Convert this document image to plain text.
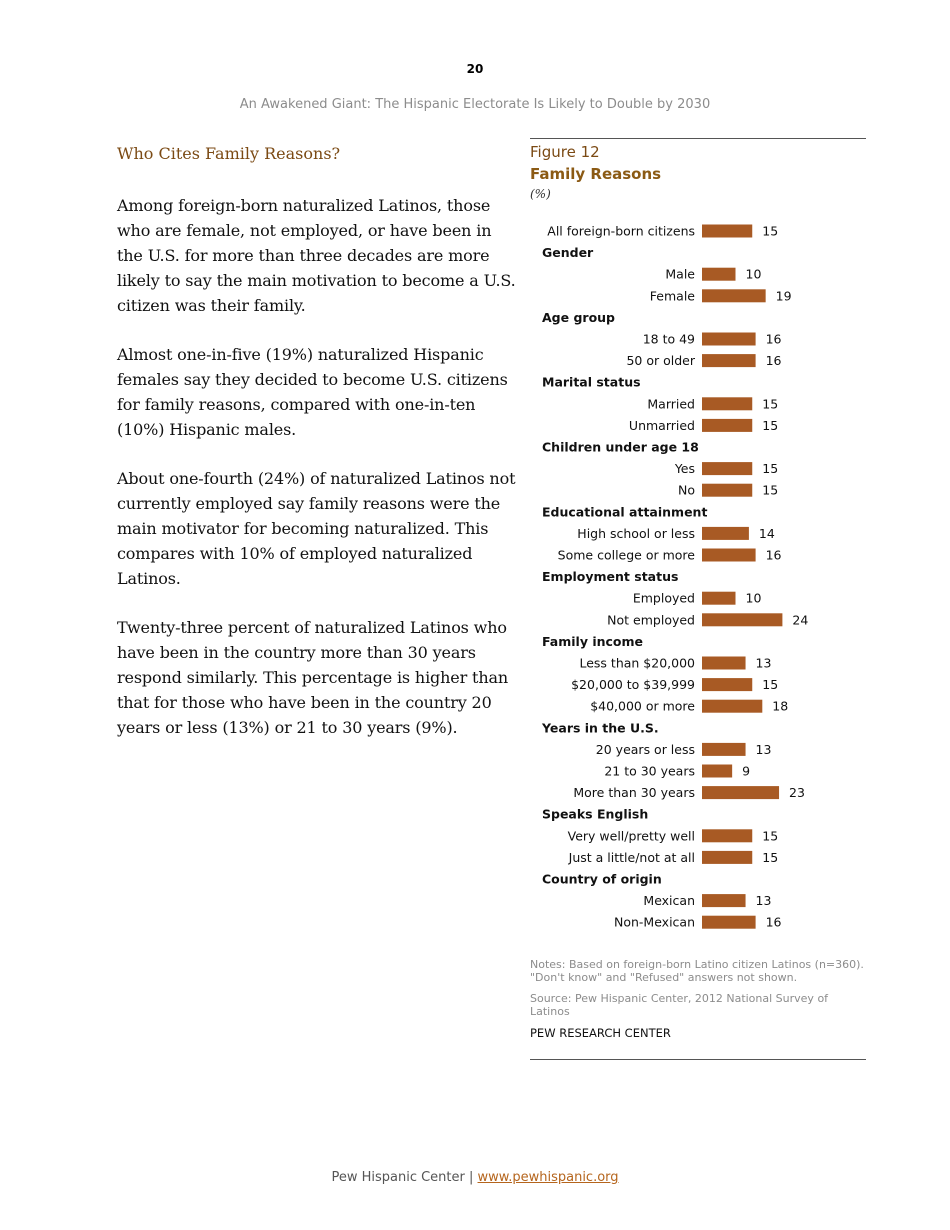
20
An Awakened Giant: The Hispanic Electorate Is Likely to Double by 2030
Who Cites Family Reasons?

Among foreign-born naturalized Latinos, those who are female, not employed, or have been in the U.S. for more than three decades are more likely to say the main motivation to become a U.S. citizen was their family.

Almost one-in-five (19%) naturalized Hispanic females say they decided to become U.S. citizens for family reasons, compared with one-in-ten (10%) Hispanic males.

About one-fourth (24%) of naturalized Latinos not currently employed say family reasons were the main motivator for becoming naturalized. This compares with 10% of employed naturalized Latinos.

Twenty-three percent of naturalized Latinos who have been in the country more than 30 years respond similarly. This percentage is higher than that for those who have been in the country 20 years or less (13%) or 21 to 30 years (9%).

Figure 12
Family Reasons
(%)
All foreign-born citizens	15
Gender
Male	10
Female	19
Age group
18 to 49	16
50 or older	16
Marital status
Married	15
Unmarried	15
Children under age 18
Yes	15
No	15
Educational attainment
High school or less	14
Some college or more	16
Employment status
Employed	10
Not employed	24
Family income
Less than $20,000	13
$20,000 to $39,999	15
$40,000 or more	18
Years in the U.S.
20 years or less	13
21 to 30 years	9
More than 30 years	23
Speaks English
Very well/pretty well	15
Just a little/not at all	15
Country of origin
Mexican	13
Non-Mexican	16
Notes: Based on foreign-born Latino citizen Latinos (n=360). "Don't know" and "Refused" answers not shown.
Source: Pew Hispanic Center, 2012 National Survey of Latinos
PEW RESEARCH CENTER
Pew Hispanic Center | www.pewhispanic.org
